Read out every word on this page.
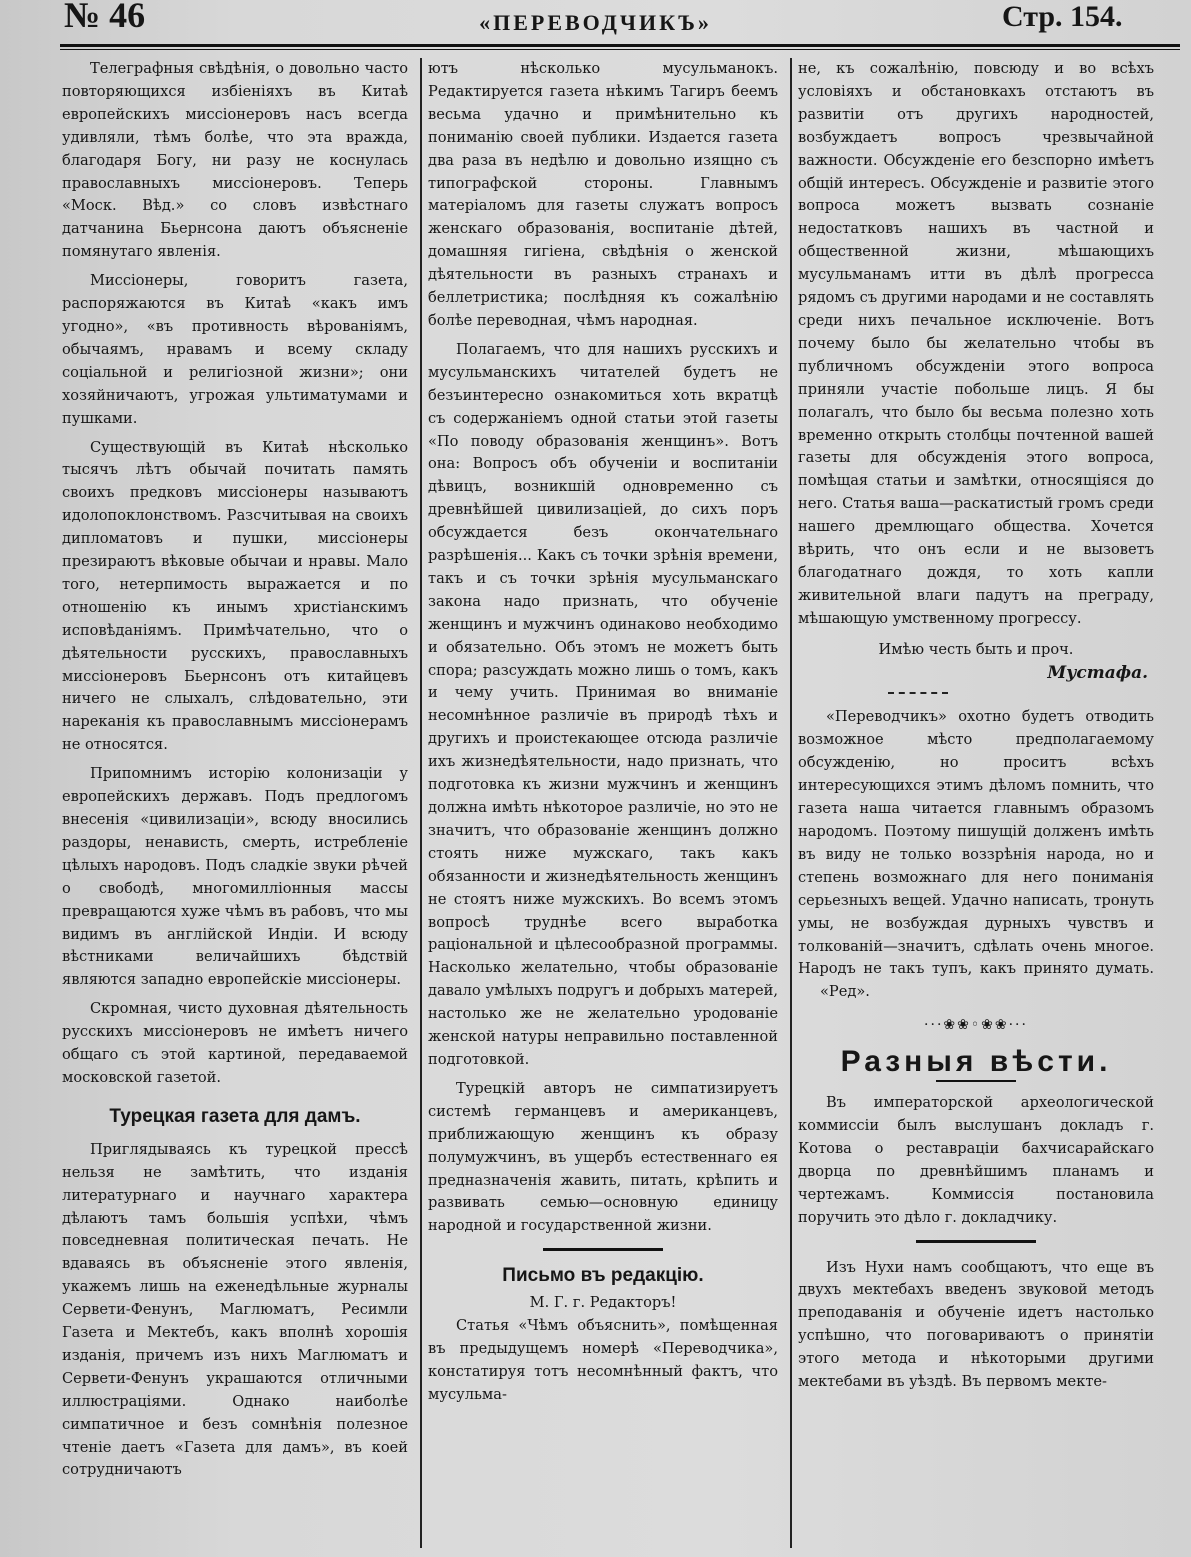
№ 46	«ПЕРЕВОДЧИКЪ»	Стр. 154.

Телеграфныя свѣдѣнія, о довольно часто повторяющихся избіеніяхъ въ Китаѣ европейскихъ миссіонеровъ насъ всегда удивляли, тѣмъ болѣе, что эта вражда, благодаря Богу, ни разу не коснулась православныхъ миссіонеровъ. Теперь «Моск. Вѣд.» со словъ извѣстнаго датчанина Бьернсона даютъ объясненіе помянутаго явленія.

Миссіонеры, говоритъ газета, распоряжаются въ Китаѣ «какъ имъ угодно», «въ противность вѣрованіямъ, обычаямъ, нравамъ и всему складу соціальной и религіозной жизни»; они хозяйничаютъ, угрожая ультиматумами и пушками.

Существующій въ Китаѣ нѣсколько тысячъ лѣтъ обычай почитать память своихъ предковъ миссіонеры называютъ идолопоклонствомъ. Разсчитывая на своихъ дипломатовъ и пушки, миссіонеры презираютъ вѣковые обычаи и нравы. Мало того, нетерпимость выражается и по отношенію къ инымъ христіанскимъ исповѣданіямъ. Примѣчательно, что о дѣятельности русскихъ, православныхъ миссіонеровъ Бьернсонъ отъ китайцевъ ничего не слыхалъ, слѣдовательно, эти нареканія къ православнымъ миссіонерамъ не относятся.

Припомнимъ исторію колонизаціи у европейскихъ державъ. Подъ предлогомъ внесенія «цивилизаціи», всюду вносились раздоры, ненависть, смерть, истребленіе цѣлыхъ народовъ. Подъ сладкіе звуки рѣчей о свободѣ, многомилліонныя массы превращаются хуже чѣмъ въ рабовъ, что мы видимъ въ англійской Индіи. И всюду вѣстниками величайшихъ бѣдствій являются западно европейскіе миссіонеры.

Скромная, чисто духовная дѣятельность русскихъ миссіонеровъ не имѣетъ ничего общаго съ этой картиной, передаваемой московской газетой.

Турецкая газета для дамъ.

Приглядываясь къ турецкой прессѣ нельзя не замѣтить, что изданія литературнаго и научнаго характера дѣлаютъ тамъ большія успѣхи, чѣмъ повседневная политическая печать. Не вдаваясь въ объясненіе этого явленія, укажемъ лишь на еженедѣльные журналы Сервети-Фенунъ, Маглюматъ, Ресимли Газета и Мектебъ, какъ вполнѣ хорошія изданія, причемъ изъ нихъ Маглюматъ и Сервети-Фенунъ украшаются отличными иллюстраціями. Однако наиболѣе симпатичное и безъ сомнѣнія полезное чтеніе даетъ «Газета для дамъ», въ коей сотрудничаютъ

ютъ нѣсколько мусульманокъ. Редактируется газета нѣкимъ Тагиръ беемъ весьма удачно и примѣнительно къ пониманію своей публики. Издается газета два раза въ недѣлю и довольно изящно съ типографской стороны. Главнымъ матеріаломъ для газеты служатъ вопросъ женскаго образованія, воспитаніе дѣтей, домашняя гигіена, свѣдѣнія о женской дѣятельности въ разныхъ странахъ и беллетристика; послѣдняя къ сожалѣнію болѣе переводная, чѣмъ народная.

Полагаемъ, что для нашихъ русскихъ и мусульманскихъ читателей будетъ не безъинтересно ознакомиться хоть вкратцѣ съ содержаніемъ одной статьи этой газеты «По поводу образованія женщинъ». Вотъ она: Вопросъ объ обученіи и воспитаніи дѣвицъ, возникшій одновременно съ древнѣйшей цивилизаціей, до сихъ поръ обсуждается безъ окончательнаго разрѣшенія... Какъ съ точки зрѣнія времени, такъ и съ точки зрѣнія мусульманскаго закона надо признать, что обученіе женщинъ и мужчинъ одинаково необходимо и обязательно. Объ этомъ не можетъ быть спора; разсуждать можно лишь о томъ, какъ и чему учить. Принимая во вниманіе несомнѣнное различіе въ природѣ тѣхъ и другихъ и проистекающее отсюда различіе ихъ жизнедѣятельности, надо признать, что подготовка къ жизни мужчинъ и женщинъ должна имѣть нѣкоторое различіе, но это не значитъ, что образованіе женщинъ должно стоять ниже мужскаго, такъ какъ обязанности и жизнедѣятельность женщинъ не стоятъ ниже мужскихъ. Во всемъ этомъ вопросѣ труднѣе всего выработка раціональной и цѣлесообразной программы. Насколько желательно, чтобы образованіе давало умѣлыхъ подругъ и добрыхъ матерей, настолько же не желательно уродованіе женской натуры неправильно поставленной подготовкой.

Турецкій авторъ не симпатизируетъ системѣ германцевъ и американцевъ, приближающую женщинъ къ образу полумужчинъ, въ ущербъ естественнаго ея предназначенія жавить, питать, крѣпить и развивать семью—основную единицу народной и государственной жизни.

Письмо въ редакцію.

М. Г. г. Редакторъ!

Статья «Чѣмъ объяснить», помѣщенная въ предыдущемъ номерѣ «Переводчика», констатируя тотъ несомнѣнный фактъ, что мусульма-

не, къ сожалѣнію, повсюду и во всѣхъ условіяхъ и обстановкахъ отстаютъ въ развитіи отъ другихъ народностей, возбуждаетъ вопросъ чрезвычайной важности. Обсужденіе его безспорно имѣетъ общій интересъ. Обсужденіе и развитіе этого вопроса можетъ вызвать сознаніе недостатковъ нашихъ въ частной и общественной жизни, мѣшающихъ мусульманамъ итти въ дѣлѣ прогресса рядомъ съ другими народами и не составлять среди нихъ печальное исключеніе. Вотъ почему было бы желательно чтобы въ публичномъ обсужденіи этого вопроса приняли участіе побольше лицъ. Я бы полагалъ, что было бы весьма полезно хоть временно открыть столбцы почтенной вашей газеты для обсужденія этого вопроса, помѣщая статьи и замѣтки, относящіяся до него. Статья ваша—раскатистый громъ среди нашего дремлющаго общества. Хочется вѣрить, что онъ если и не вызоветъ благодатнаго дождя, то хоть капли живительной влаги падутъ на преграду, мѣшающую умственному прогрессу.

Имѣю честь быть и проч.

Мустафа.

«Переводчикъ» охотно будетъ отводить возможное мѣсто предполагаемому обсужденію, но проситъ всѣхъ интересующихся этимъ дѣломъ помнить, что газета наша читается главнымъ образомъ народомъ. Поэтому пишущій долженъ имѣть въ виду не только воззрѣнія народа, но и степень возможнаго для него пониманія серьезныхъ вещей. Удачно написать, тронуть умы, не возбуждая дурныхъ чувствъ и толкованій—значитъ, сдѣлать очень многое. Народъ не такъ тупъ, какъ принято думать. «Ред».

···❀❀◦❀❀···
Разныя вѣсти.

Въ императорской археологической коммиссіи былъ выслушанъ докладъ г. Котова о реставраціи бахчисарайскаго дворца по древнѣйшимъ планамъ и чертежамъ. Коммиссія постановила поручить это дѣло г. докладчику.

Изъ Нухи намъ сообщаютъ, что еще въ двухъ мектебахъ введенъ звуковой методъ преподаванія и обученіе идетъ настолько успѣшно, что поговариваютъ о принятіи этого метода и нѣкоторыми другими мектебами въ уѣздѣ. Въ первомъ мекте-
